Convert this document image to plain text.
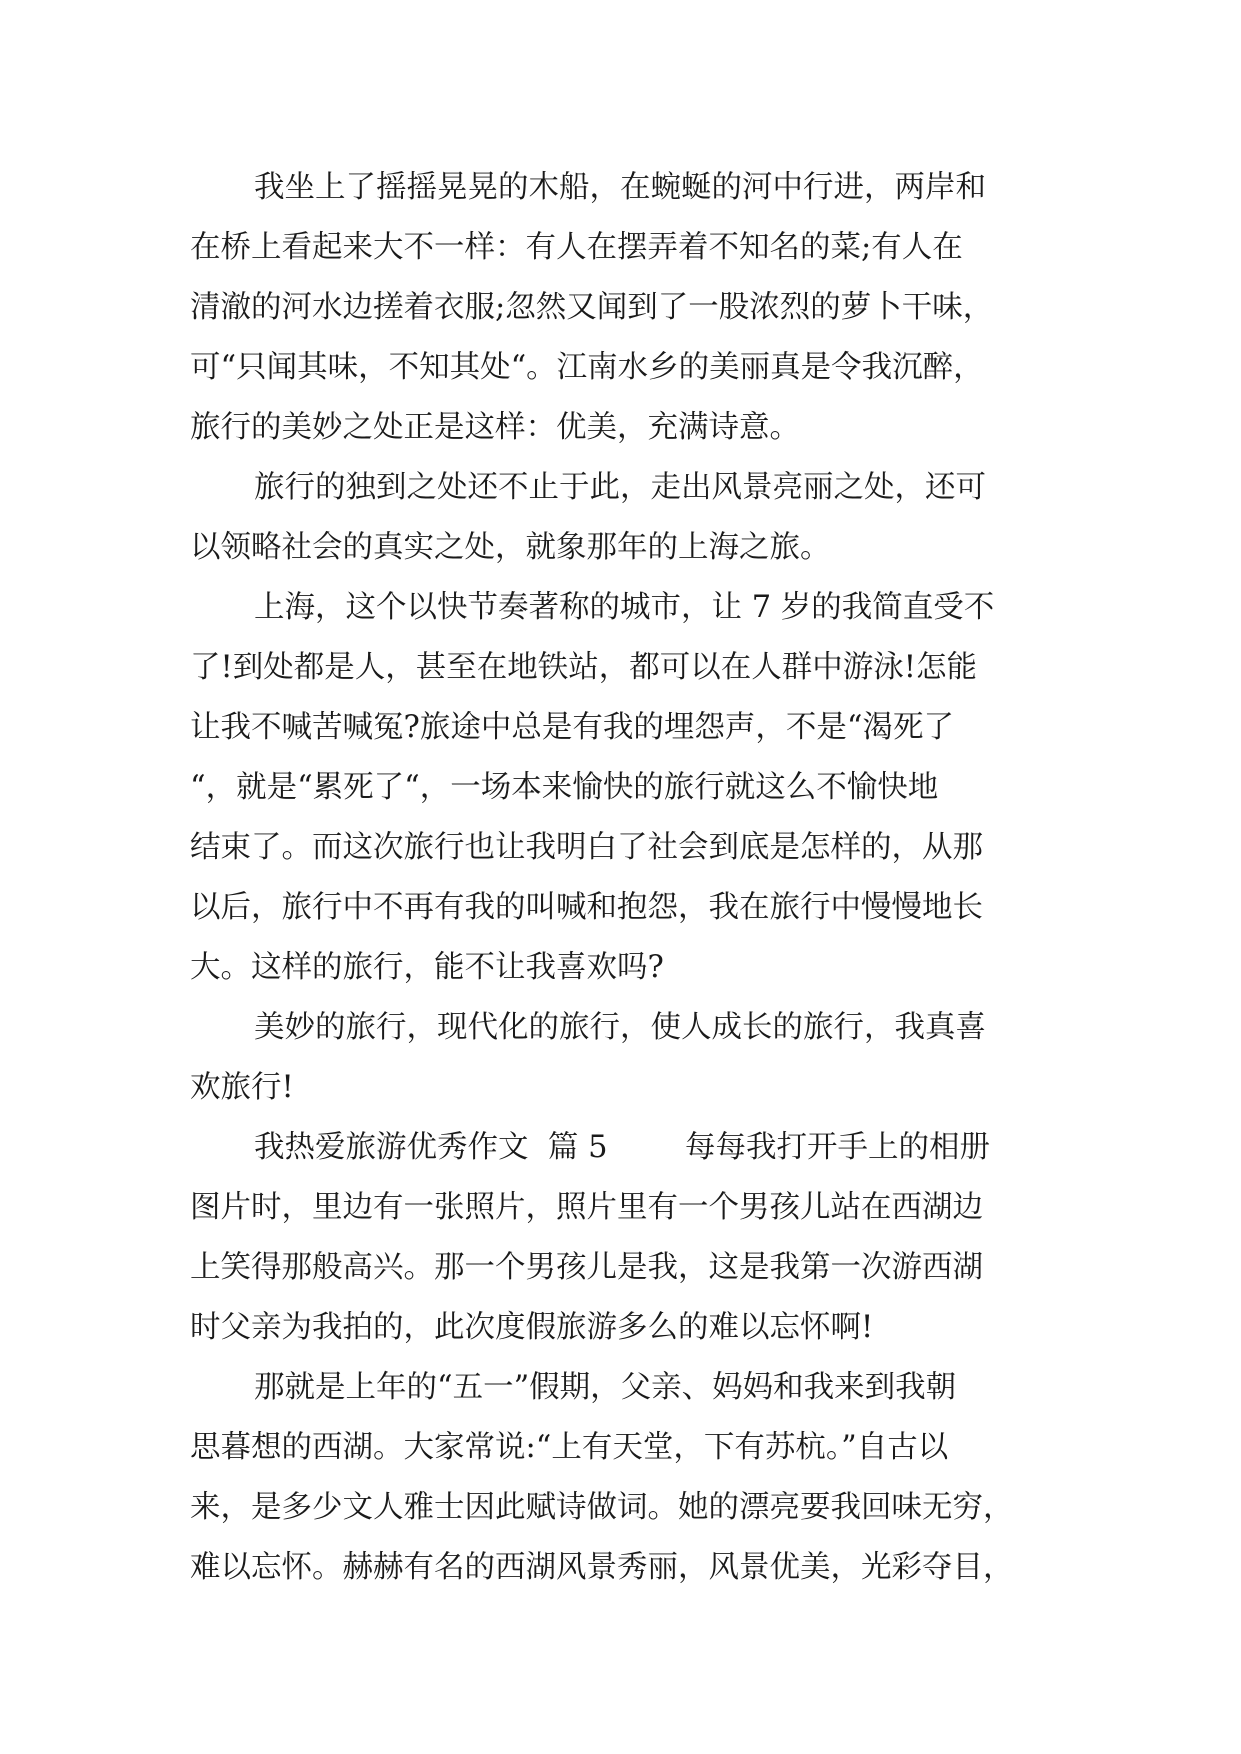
我坐上了摇摇晃晃的木船，在蜿蜒的河中行进，两岸和
在桥上看起来大不一样：有人在摆弄着不知名的菜;有人在
清澈的河水边搓着衣服;忽然又闻到了一股浓烈的萝卜干味，
可“只闻其味，不知其处“。江南水乡的美丽真是令我沉醉，
旅行的美妙之处正是这样：优美，充满诗意。
旅行的独到之处还不止于此，走出风景亮丽之处，还可
以领略社会的真实之处，就象那年的上海之旅。
上海，这个以快节奏著称的城市，让 7 岁的我简直受不
了!到处都是人，甚至在地铁站，都可以在人群中游泳!怎能
让我不喊苦喊冤?旅途中总是有我的埋怨声，不是“渴死了
“，就是“累死了“，一场本来愉快的旅行就这么不愉快地
结束了。而这次旅行也让我明白了社会到底是怎样的，从那
以后，旅行中不再有我的叫喊和抱怨，我在旅行中慢慢地长
大。这样的旅行，能不让我喜欢吗?
美妙的旅行，现代化的旅行，使人成长的旅行，我真喜
欢旅行!
我热爱旅游优秀作文  篇 5        每每我打开手上的相册
图片时，里边有一张照片，照片里有一个男孩儿站在西湖边
上笑得那般高兴。那一个男孩儿是我，这是我第一次游西湖
时父亲为我拍的，此次度假旅游多么的难以忘怀啊!
那就是上年的“五一”假期，父亲、妈妈和我来到我朝
思暮想的西湖。大家常说:“上有天堂，下有苏杭。”自古以
来，是多少文人雅士因此赋诗做词。她的漂亮要我回味无穷，
难以忘怀。赫赫有名的西湖风景秀丽，风景优美，光彩夺目，
